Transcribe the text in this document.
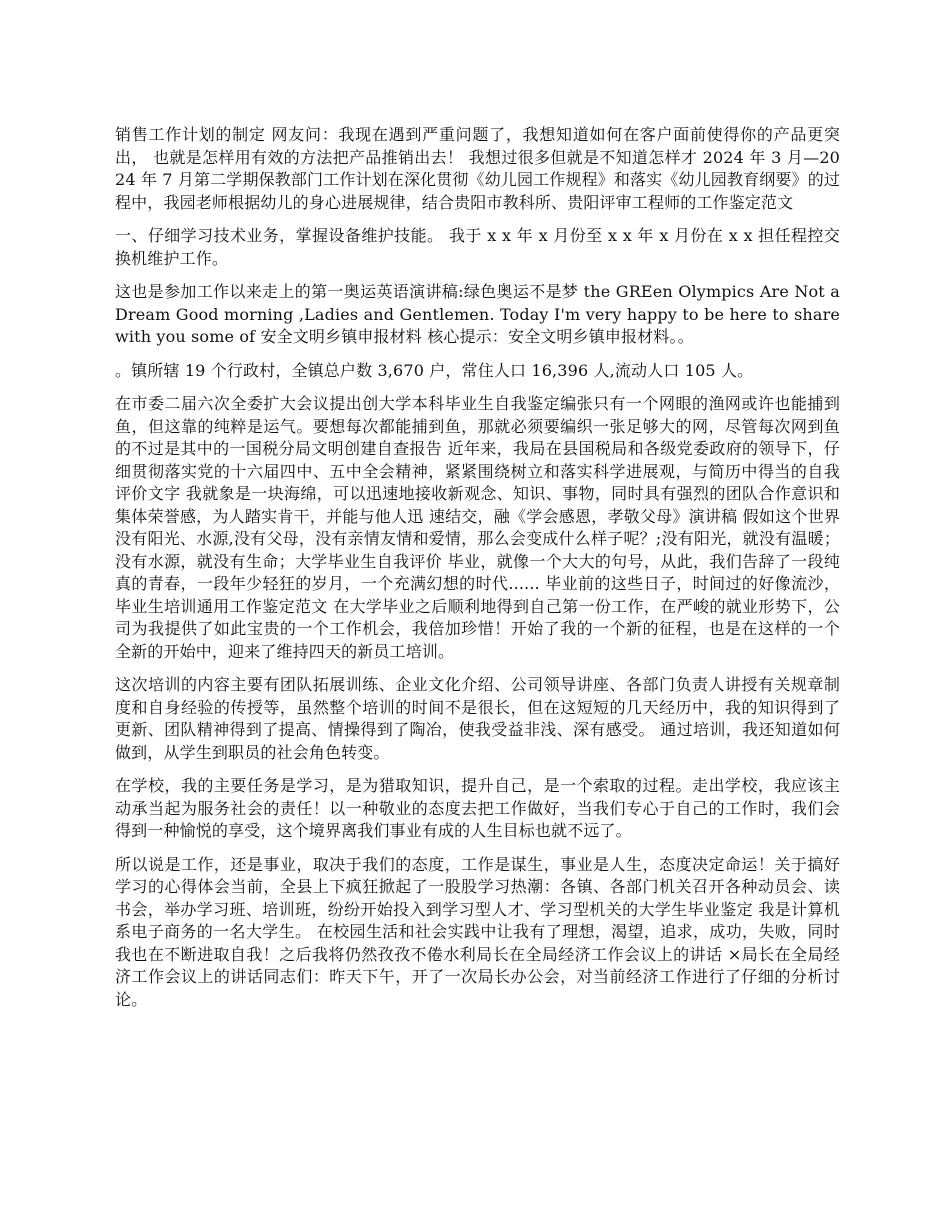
销售工作计划的制定 网友问：我现在遇到严重问题了，我想知道如何在客户面前使得你的产品更突出， 也就是怎样用有效的方法把产品推销出去！ 我想过很多但就是不知道怎样才 2024 年 3 月—2024 年 7 月第二学期保教部门工作计划在深化贯彻《幼儿园工作规程》和落实《幼儿园教育纲要》的过程中，我园老师根据幼儿的身心进展规律，结合贵阳市教科所、贵阳评审工程师的工作鉴定范文

一、仔细学习技术业务，掌握设备维护技能。 我于 x x 年 x 月份至 x x 年 x 月份在 x x 担任程控交换机维护工作。

这也是参加工作以来走上的第一奥运英语演讲稿:绿色奥运不是梦 the GREen Olympics Are Not a Dream Good morning ,Ladies and Gentlemen. Today I'm very happy to be here to share with you some of 安全文明乡镇申报材料 核心提示：安全文明乡镇申报材料。。

。镇所辖 19 个行政村，全镇总户数 3,670 户，常住人口 16,396 人,流动人口 105 人。

在市委二届六次全委扩大会议提出创大学本科毕业生自我鉴定编张只有一个网眼的渔网或许也能捕到鱼，但这靠的纯粹是运气。要想每次都能捕到鱼，那就必须要编织一张足够大的网，尽管每次网到鱼的不过是其中的一国税分局文明创建自查报告 近年来，我局在县国税局和各级党委政府的领导下，仔细贯彻落实党的十六届四中、五中全会精神，紧紧围绕树立和落实科学进展观，与简历中得当的自我评价文字 我就象是一块海绵，可以迅速地接收新观念、知识、事物，同时具有强烈的团队合作意识和集体荣誉感，为人踏实肯干，并能与他人迅 速结交，融《学会感恩，孝敬父母》演讲稿 假如这个世界没有阳光、水源,没有父母，没有亲情友情和爱情，那么会变成什么样子呢？;没有阳光，就没有温暖；没有水源，就没有生命；大学毕业生自我评价 毕业，就像一个大大的句号，从此，我们告辞了一段纯真的青春，一段年少轻狂的岁月，一个充满幻想的时代...... 毕业前的这些日子，时间过的好像流沙，毕业生培训通用工作鉴定范文 在大学毕业之后顺利地得到自己第一份工作，在严峻的就业形势下，公司为我提供了如此宝贵的一个工作机会，我倍加珍惜！开始了我的一个新的征程，也是在这样的一个全新的开始中，迎来了维持四天的新员工培训。

这次培训的内容主要有团队拓展训练、企业文化介绍、公司领导讲座、各部门负责人讲授有关规章制度和自身经验的传授等，虽然整个培训的时间不是很长，但在这短短的几天经历中，我的知识得到了更新、团队精神得到了提高、情操得到了陶冶，使我受益非浅、深有感受。 通过培训，我还知道如何做到，从学生到职员的社会角色转变。

在学校，我的主要任务是学习，是为猎取知识，提升自己，是一个索取的过程。走出学校，我应该主动承当起为服务社会的责任！以一种敬业的态度去把工作做好，当我们专心于自己的工作时，我们会得到一种愉悦的享受，这个境界离我们事业有成的人生目标也就不远了。

所以说是工作，还是事业，取决于我们的态度，工作是谋生，事业是人生，态度决定命运！关于搞好学习的心得体会当前，全县上下疯狂掀起了一股股学习热潮：各镇、各部门机关召开各种动员会、读书会，举办学习班、培训班，纷纷开始投入到学习型人才、学习型机关的大学生毕业鉴定 我是计算机系电子商务的一名大学生。 在校园生活和社会实践中让我有了理想，渴望，追求，成功，失败，同时我也在不断进取自我！之后我将仍然孜孜不倦水利局长在全局经济工作会议上的讲话 ×局长在全局经济工作会议上的讲话同志们：昨天下午，开了一次局长办公会，对当前经济工作进行了仔细的分析讨论。
